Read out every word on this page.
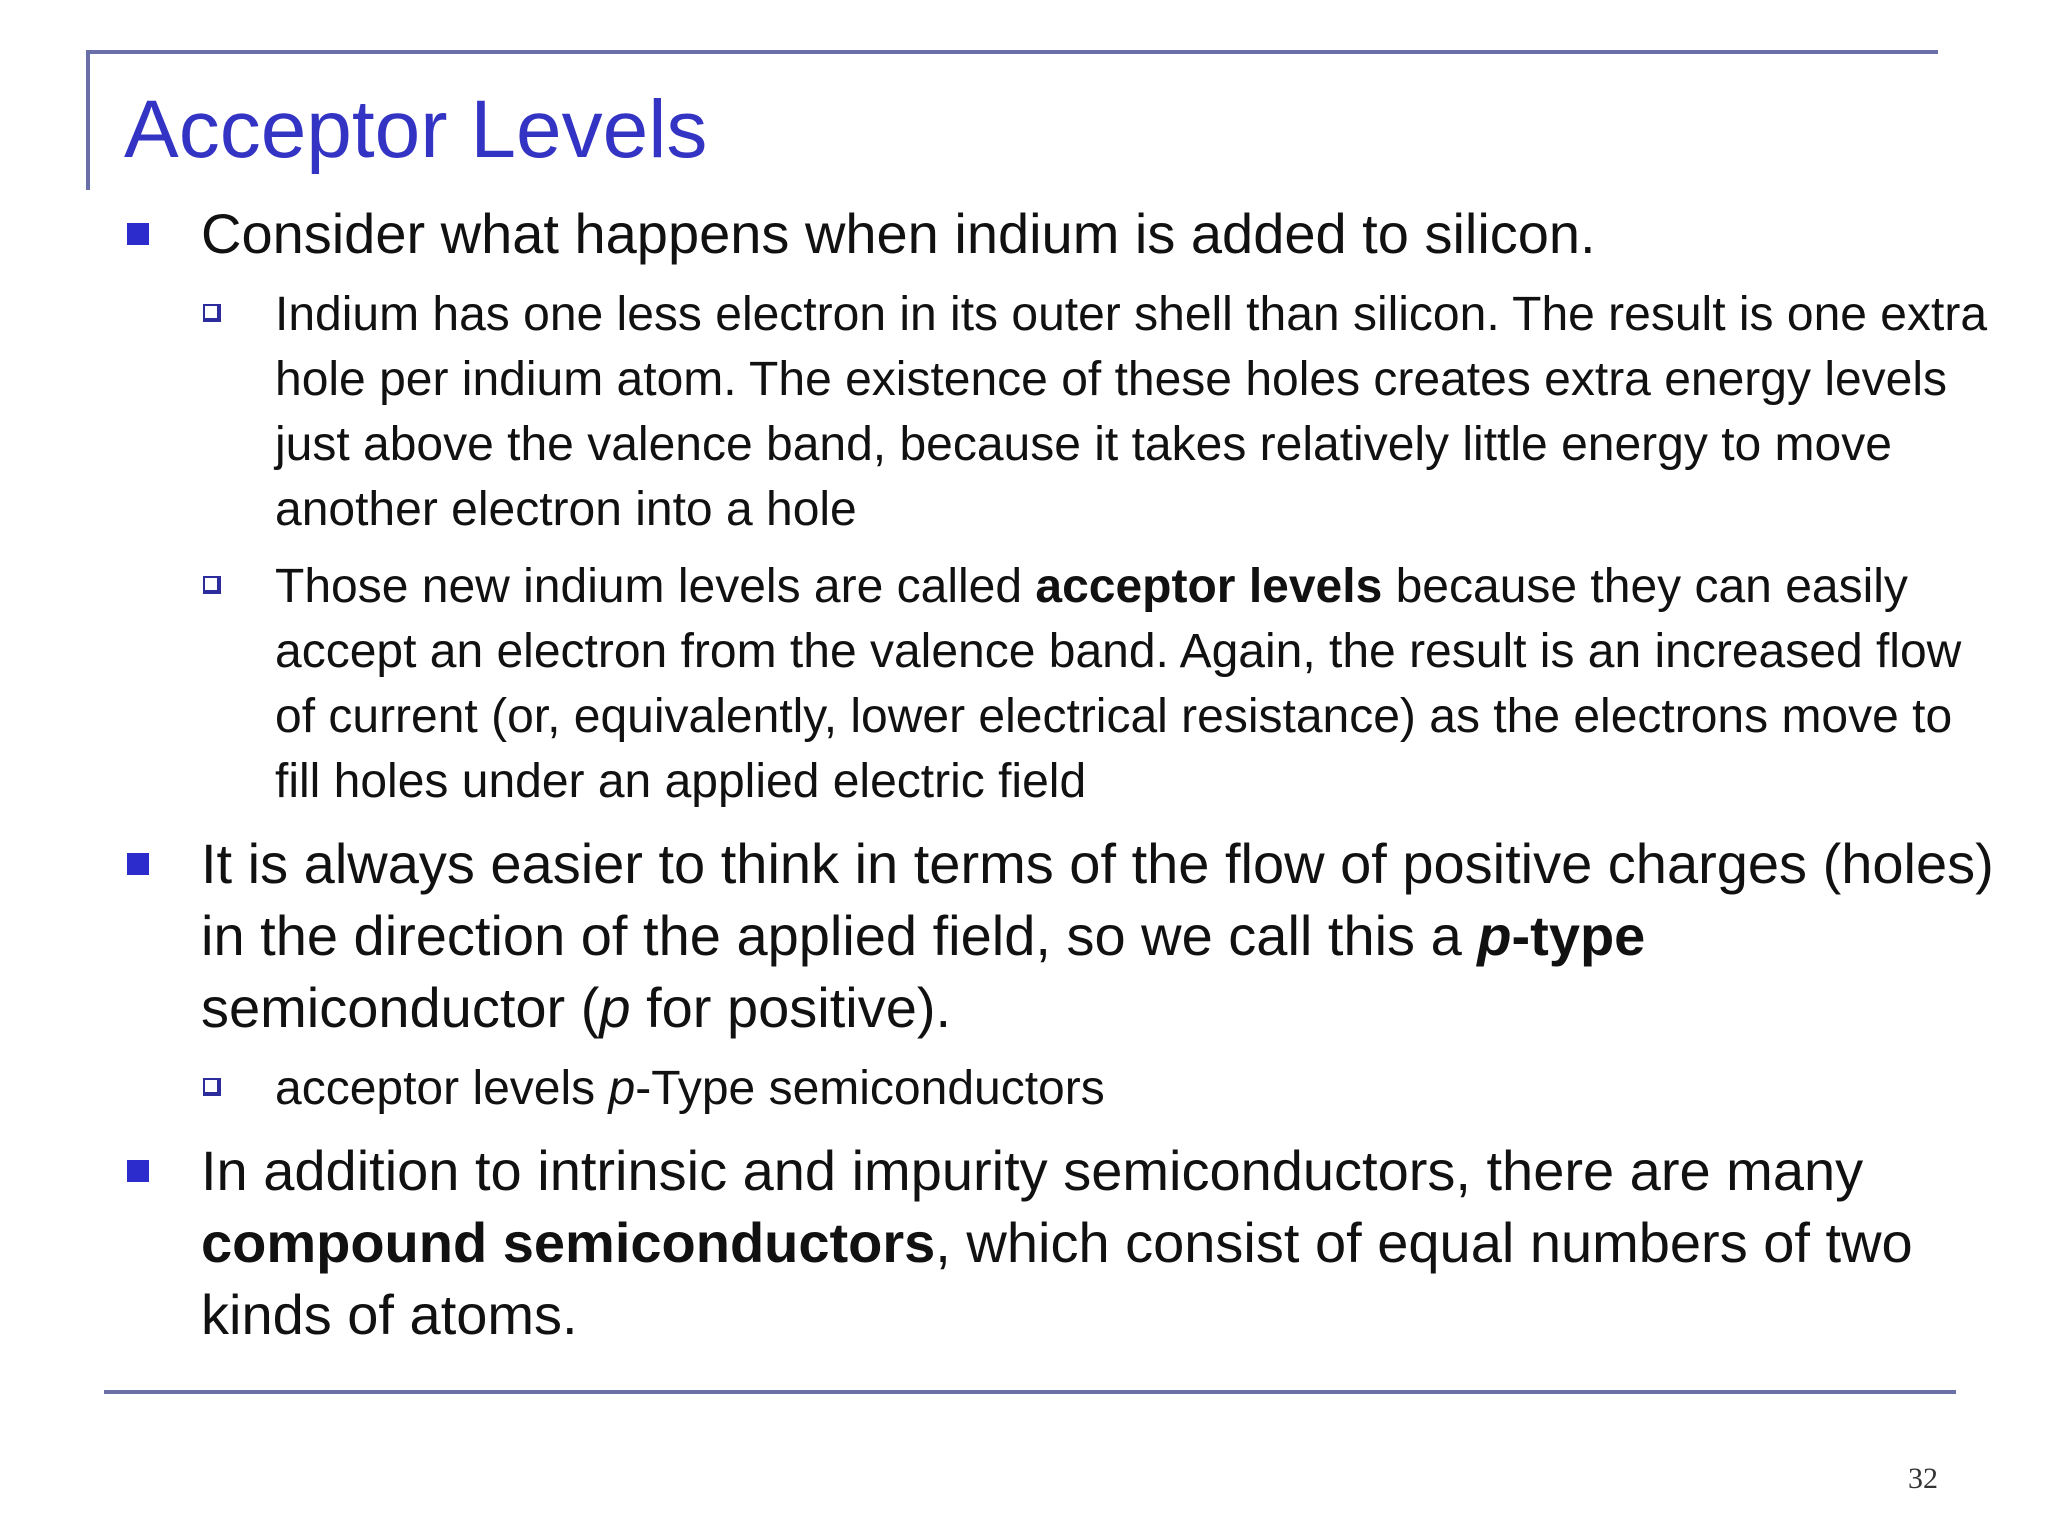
Acceptor Levels
Consider what happens when indium is added to silicon.
Indium has one less electron in its outer shell than silicon. The result is one extra hole per indium atom. The existence of these holes creates extra energy levels just above the valence band, because it takes relatively little energy to move another electron into a hole
Those new indium levels are called acceptor levels because they can easily accept an electron from the valence band. Again, the result is an increased flow of current (or, equivalently, lower electrical resistance) as the electrons move to fill holes under an applied electric field
It is always easier to think in terms of the flow of positive charges (holes) in the direction of the applied field, so we call this a p-type semiconductor (p for positive).
acceptor levels p-Type semiconductors
In addition to intrinsic and impurity semiconductors, there are many compound semiconductors, which consist of equal numbers of two kinds of atoms.
32
